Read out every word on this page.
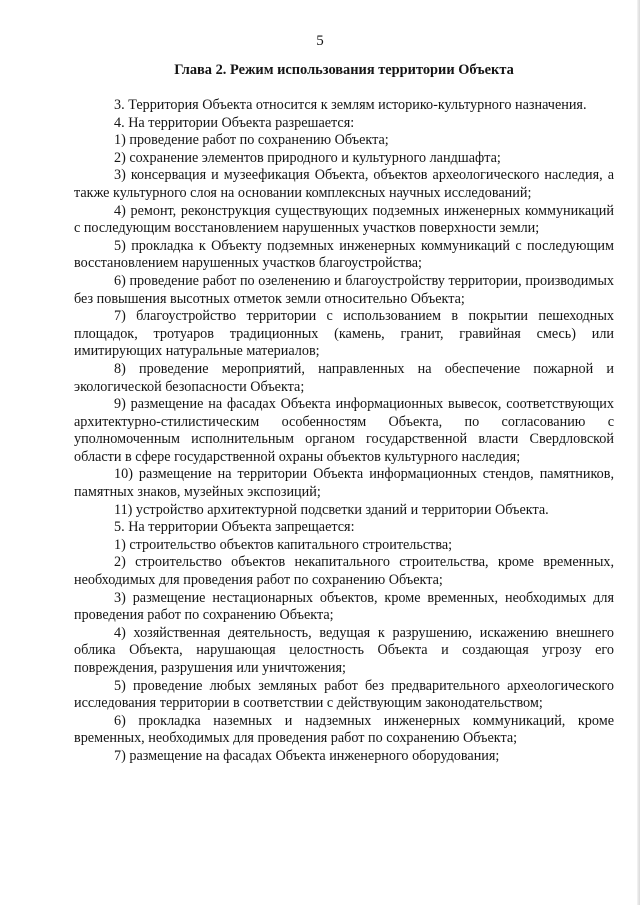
5
Глава 2. Режим использования территории Объекта

3. Территория Объекта относится к землям историко-культурного назначения.

4. На территории Объекта разрешается:

1) проведение работ по сохранению Объекта;

2) сохранение элементов природного и культурного ландшафта;

3) консервация и музеефикация Объекта, объектов археологического наследия, а также культурного слоя на основании комплексных научных исследований;

4) ремонт, реконструкция существующих подземных инженерных коммуникаций с последующим восстановлением нарушенных участков поверхности земли;

5) прокладка к Объекту подземных инженерных коммуникаций с последующим восстановлением нарушенных участков благоустройства;

6) проведение работ по озеленению и благоустройству территории, производимых без повышения высотных отметок земли относительно Объекта;

7) благоустройство территории с использованием в покрытии пешеходных площадок, тротуаров традиционных (камень, гранит, гравийная смесь) или имитирующих натуральные материалов;

8) проведение мероприятий, направленных на обеспечение пожарной и экологической безопасности Объекта;

9) размещение на фасадах Объекта информационных вывесок, соответствующих архитектурно-стилистическим особенностям Объекта, по согласованию с уполномоченным исполнительным органом государственной власти Свердловской области в сфере государственной охраны объектов культурного наследия;

10) размещение на территории Объекта информационных стендов, памятников, памятных знаков, музейных экспозиций;

11) устройство архитектурной подсветки зданий и территории Объекта.

5. На территории Объекта запрещается:

1) строительство объектов капитального строительства;

2) строительство объектов некапитального строительства, кроме временных, необходимых для проведения работ по сохранению Объекта;

3) размещение нестационарных объектов, кроме временных, необходимых для проведения работ по сохранению Объекта;

4) хозяйственная деятельность, ведущая к разрушению, искажению внешнего облика Объекта, нарушающая целостность Объекта и создающая угрозу его повреждения, разрушения или уничтожения;

5) проведение любых земляных работ без предварительного археологического исследования территории в соответствии с действующим законодательством;

6) прокладка наземных и надземных инженерных коммуникаций, кроме временных, необходимых для проведения работ по сохранению Объекта;

7) размещение на фасадах Объекта инженерного оборудования;
